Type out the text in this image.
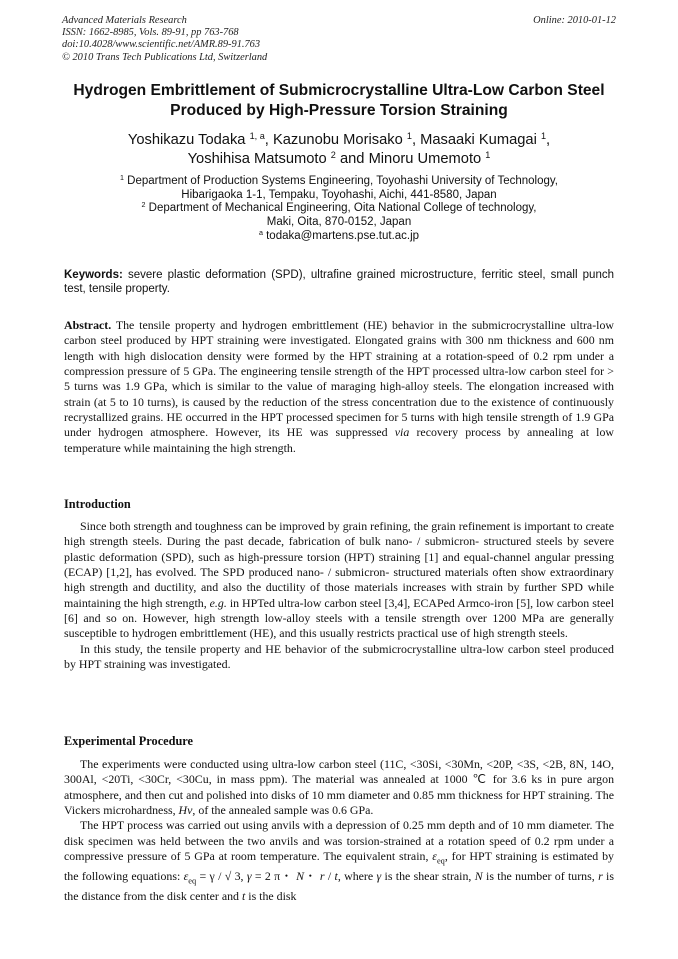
Advanced Materials Research
ISSN: 1662-8985, Vols. 89-91, pp 763-768
doi:10.4028/www.scientific.net/AMR.89-91.763
© 2010 Trans Tech Publications Ltd, Switzerland
Online: 2010-01-12
Hydrogen Embrittlement of Submicrocrystalline Ultra-Low Carbon Steel
Produced by High-Pressure Torsion Straining
Yoshikazu Todaka $^{1, a}$, Kazunobu Morisako $^1$, Masaaki Kumagai $^1$,
Yoshihisa Matsumoto $^2$ and Minoru Umemoto $^1$
$^1$ Department of Production Systems Engineering, Toyohashi University of Technology,
Hibarigaoka 1-1, Tempaku, Toyohashi, Aichi, 441-8580, Japan
$^2$ Department of Mechanical Engineering, Oita National College of technology,
Maki, Oita, 870-0152, Japan
$^a$ todaka@martens.pse.tut.ac.jp
Keywords: severe plastic deformation (SPD), ultrafine grained microstructure, ferritic steel, small punch test, tensile property.

Abstract. The tensile property and hydrogen embrittlement (HE) behavior in the submicrocrystalline ultra-low carbon steel produced by HPT straining were investigated. Elongated grains with 300 nm thickness and 600 nm length with high dislocation density were formed by the HPT straining at a rotation-speed of 0.2 rpm under a compression pressure of 5 GPa. The engineering tensile strength of the HPT processed ultra-low carbon steel for > 5 turns was 1.9 GPa, which is similar to the value of maraging high-alloy steels. The elongation increased with strain (at 5 to 10 turns), is caused by the reduction of the stress concentration due to the existence of continuously recrystallized grains. HE occurred in the HPT processed specimen for 5 turns with high tensile strength of 1.9 GPa under hydrogen atmosphere. However, its HE was suppressed via recovery process by annealing at low temperature while maintaining the high strength.

Introduction

Since both strength and toughness can be improved by grain refining, the grain refinement is important to create high strength steels. During the past decade, fabrication of bulk nano- / submicron- structured steels by severe plastic deformation (SPD), such as high-pressure torsion (HPT) straining [1] and equal-channel angular pressing (ECAP) [1,2], has evolved. The SPD produced nano- / submicron- structured materials often show extraordinary high strength and ductility, and also the ductility of those materials increases with strain by further SPD while maintaining the high strength, e.g. in HPTed ultra-low carbon steel [3,4], ECAPed Armco-iron [5], low carbon steel [6] and so on. However, high strength low-alloy steels with a tensile strength over 1200 MPa are generally susceptible to hydrogen embrittlement (HE), and this usually restricts practical use of high strength steels.

In this study, the tensile property and HE behavior of the submicrocrystalline ultra-low carbon steel produced by HPT straining was investigated.

Experimental Procedure

The experiments were conducted using ultra-low carbon steel (11C, <30Si, <30Mn, <20P, <3S, <2B, 8N, 14O, 300Al, <20Ti, <30Cr, <30Cu, in mass ppm). The material was annealed at 1000 ℃ for 3.6 ks in pure argon atmosphere, and then cut and polished into disks of 10 mm diameter and 0.85 mm thickness for HPT straining. The Vickers microhardness, Hv, of the annealed sample was 0.6 GPa.

The HPT process was carried out using anvils with a depression of 0.25 mm depth and of 10 mm diameter. The disk specimen was held between the two anvils and was torsion-strained at a rotation speed of 0.2 rpm under a compressive pressure of 5 GPa at room temperature. The equivalent strain, $\varepsilon_{eq}$, for HPT straining is estimated by the following equations: $\varepsilon_{eq} = \gamma$ / √ 3, γ = 2 π・ N・ r / t, where γ is the shear strain, N is the number of turns, r is the distance from the disk center and t is the disk
